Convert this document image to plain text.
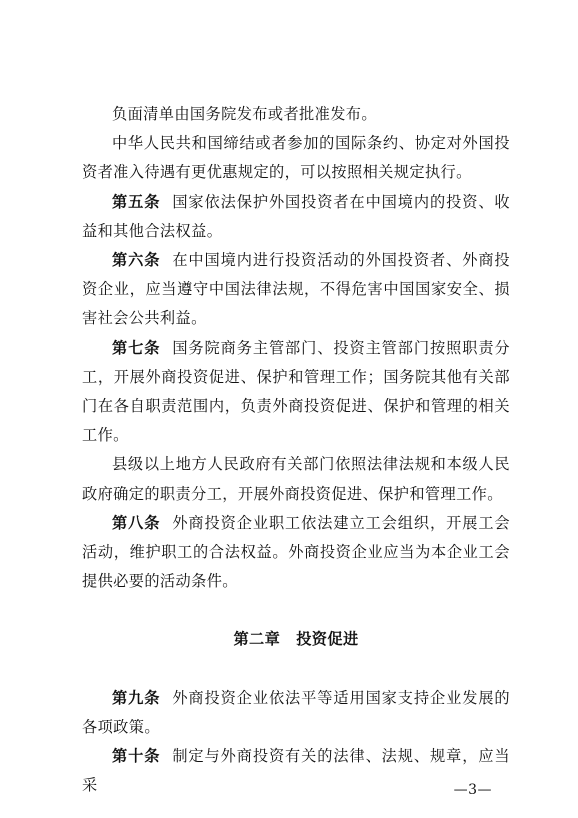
负面清单由国务院发布或者批准发布。

中华人民共和国缔结或者参加的国际条约、协定对外国投资者准入待遇有更优惠规定的，可以按照相关规定执行。

第五条 国家依法保护外国投资者在中国境内的投资、收益和其他合法权益。

第六条 在中国境内进行投资活动的外国投资者、外商投资企业，应当遵守中国法律法规，不得危害中国国家安全、损害社会公共利益。

第七条 国务院商务主管部门、投资主管部门按照职责分工，开展外商投资促进、保护和管理工作；国务院其他有关部门在各自职责范围内，负责外商投资促进、保护和管理的相关工作。

县级以上地方人民政府有关部门依照法律法规和本级人民政府确定的职责分工，开展外商投资促进、保护和管理工作。

第八条 外商投资企业职工依法建立工会组织，开展工会活动，维护职工的合法权益。外商投资企业应当为本企业工会提供必要的活动条件。

第二章 投资促进

第九条 外商投资企业依法平等适用国家支持企业发展的各项政策。

第十条 制定与外商投资有关的法律、法规、规章，应当采	—3—
